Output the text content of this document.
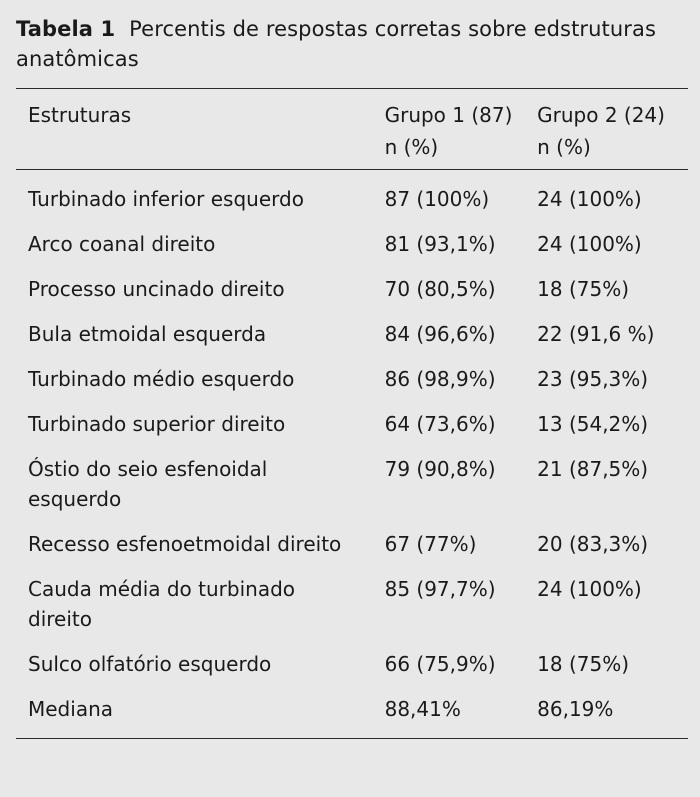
Tabela 1 Percentis de respostas corretas sobre edstruturas anatômicas
Estruturas	Grupo 1 (87)	Grupo 2 (24)
	n (%)	n (%)
Turbinado inferior esquerdo	87 (100%)	24 (100%)
Arco coanal direito	81 (93,1%)	24 (100%)
Processo uncinado direito	70 (80,5%)	18 (75%)
Bula etmoidal esquerda	84 (96,6%)	22 (91,6 %)
Turbinado médio esquerdo	86 (98,9%)	23 (95,3%)
Turbinado superior direito	64 (73,6%)	13 (54,2%)
Óstio do seio esfenoidal esquerdo	79 (90,8%)	21 (87,5%)
Recesso esfenoetmoidal direito	67 (77%)	20 (83,3%)
Cauda média do turbinado direito	85 (97,7%)	24 (100%)
Sulco olfatório esquerdo	66 (75,9%)	18 (75%)
Mediana	88,41%	86,19%
